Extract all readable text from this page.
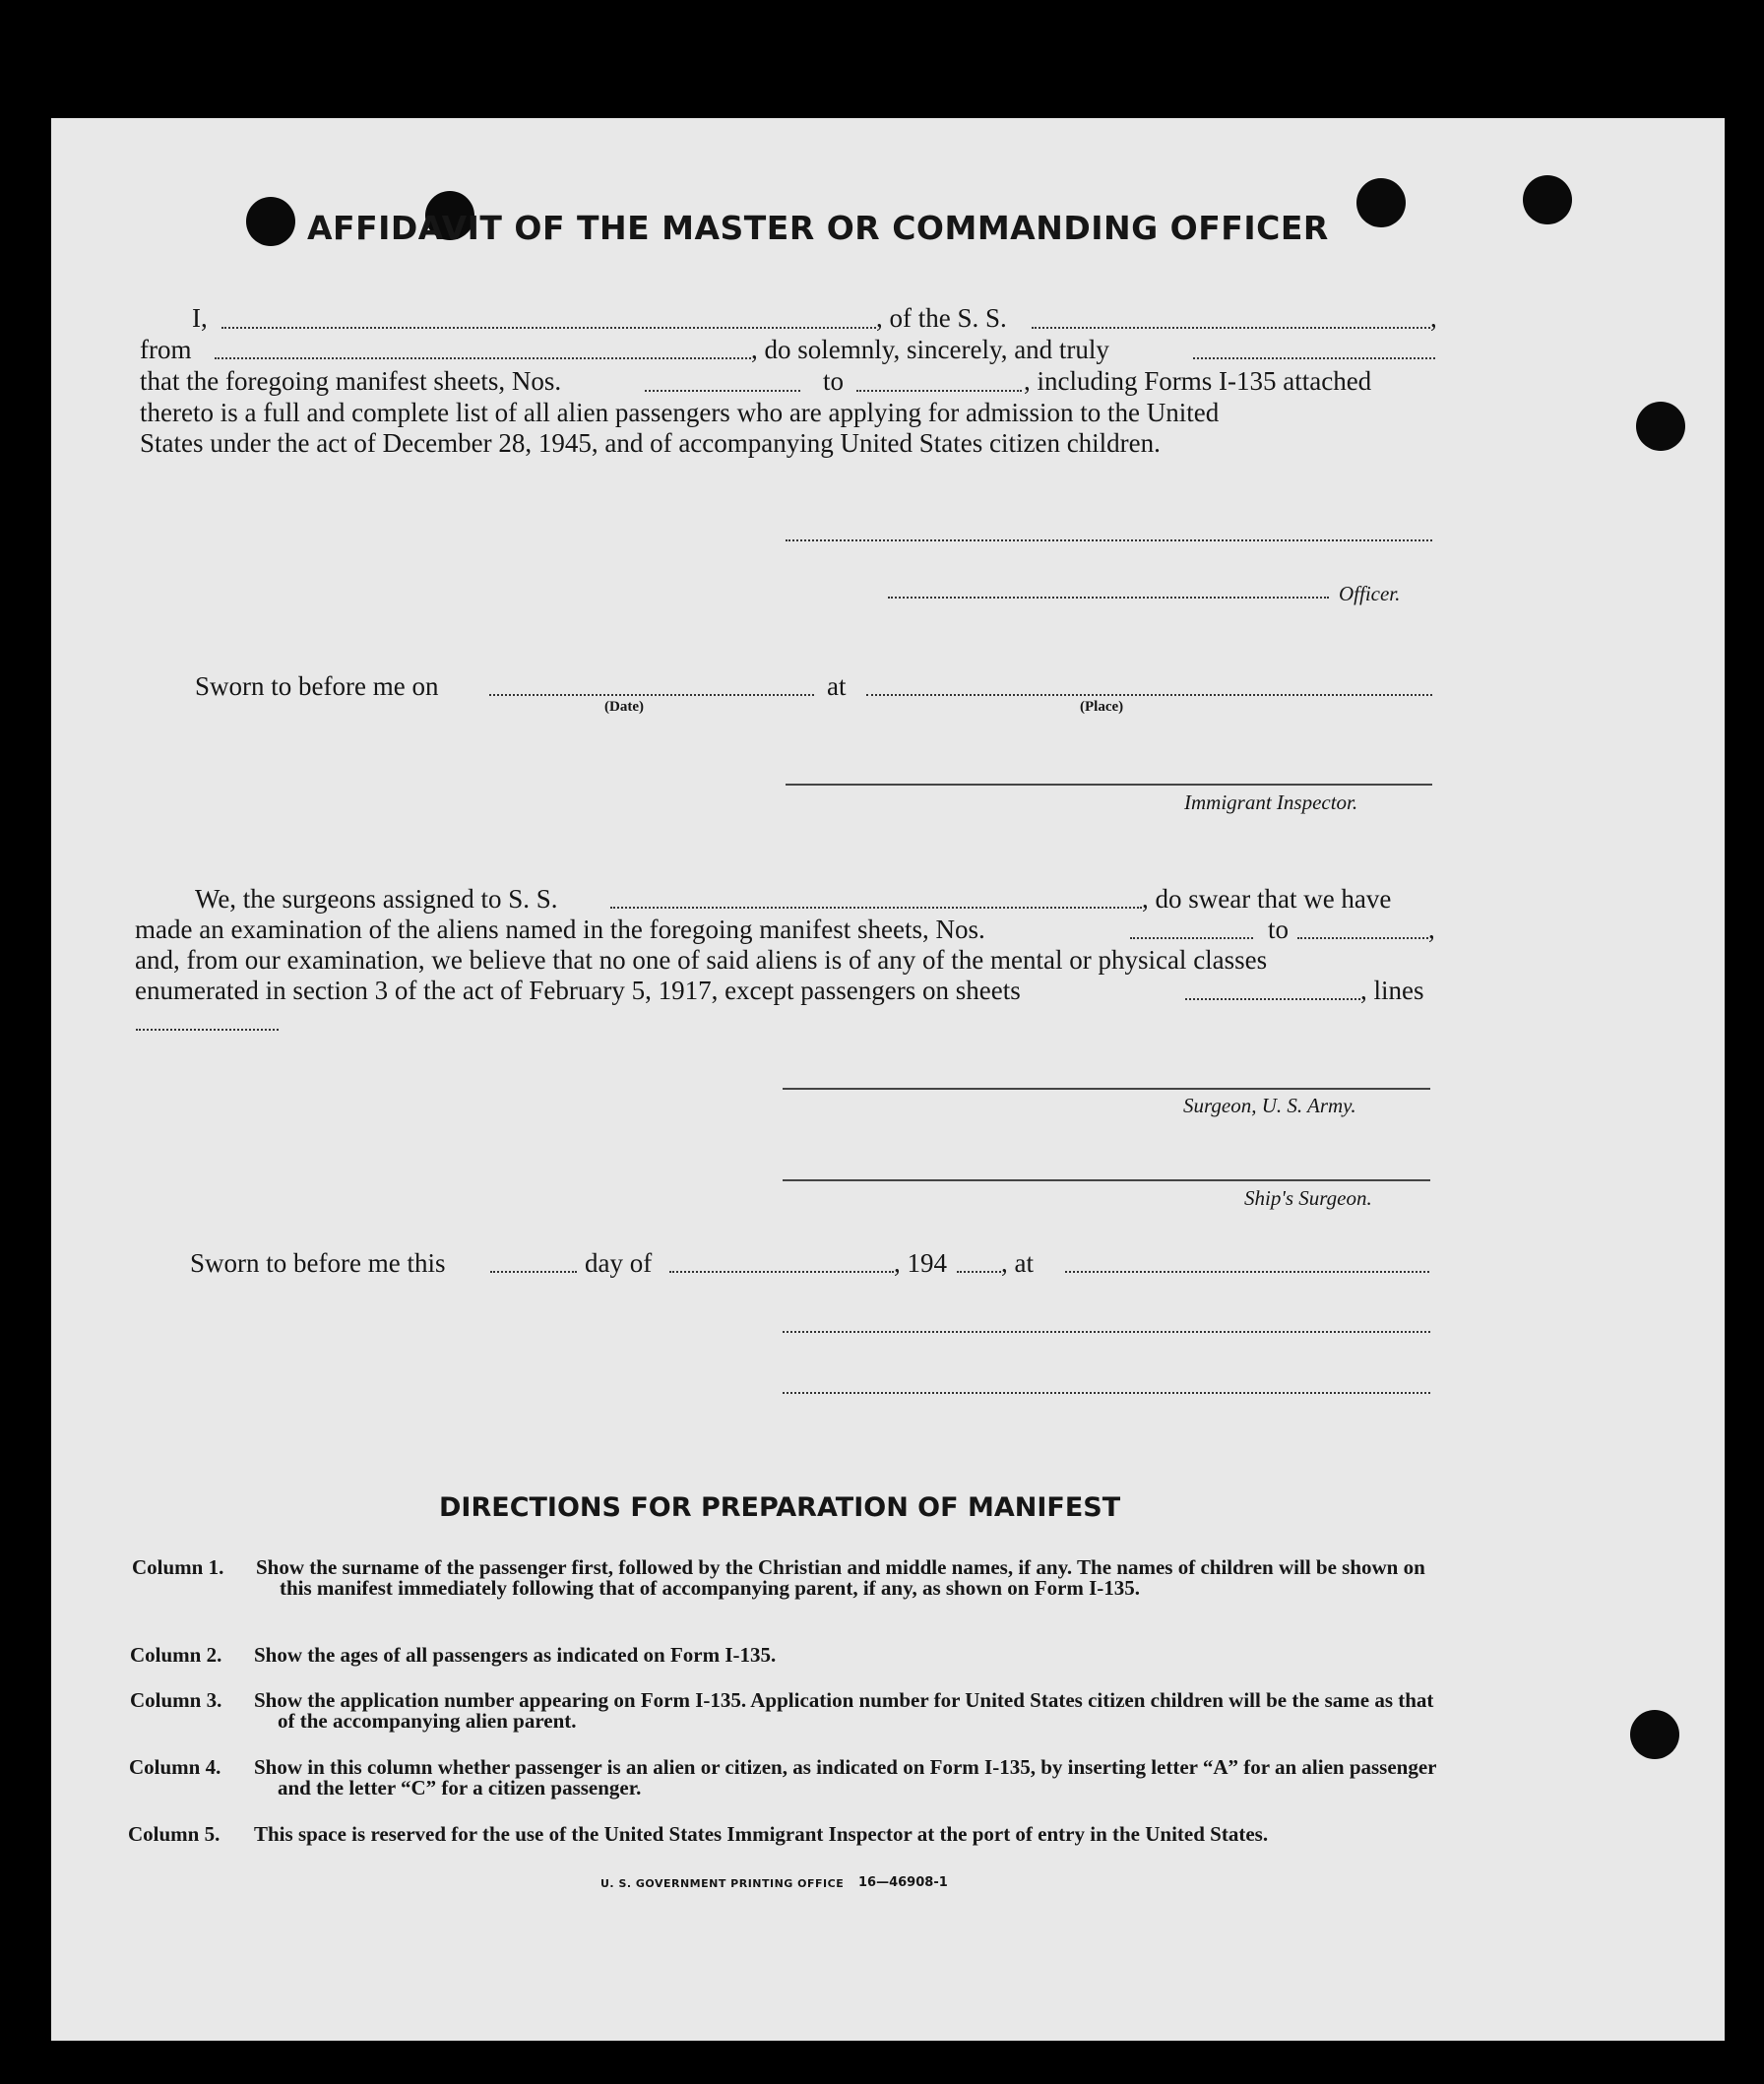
AFFIDAVIT OF THE MASTER OR COMMANDING OFFICER
I,	, of the S. S.	,
from	, do solemnly, sincerely, and truly
that the foregoing manifest sheets, Nos.	to	, including Forms I-135 attached
thereto is a full and complete list of all alien passengers who are applying for admission to the United
States under the act of December 28, 1945, and of accompanying United States citizen children.
Officer.
Sworn to before me on	at
(Date)	(Place)
Immigrant Inspector.
We, the surgeons assigned to S. S.	, do swear that we have
made an examination of the aliens named in the foregoing manifest sheets, Nos.	to	,
and, from our examination, we believe that no one of said aliens is of any of the mental or physical classes
enumerated in section 3 of the act of February 5, 1917, except passengers on sheets	, lines
Surgeon, U. S. Army.
Ship's Surgeon.
Sworn to before me this	day of	, 194 , at
DIRECTIONS FOR PREPARATION OF MANIFEST
Column 1. Show the surname of the passenger first, followed by the Christian and middle names, if any. The names of children will be shown on this manifest immediately following that of accompanying parent, if any, as shown on Form I-135.
Column 2. Show the ages of all passengers as indicated on Form I-135.
Column 3. Show the application number appearing on Form I-135. Application number for United States citizen children will be the same as that of the accompanying alien parent.
Column 4. Show in this column whether passenger is an alien or citizen, as indicated on Form I-135, by inserting letter “A” for an alien passenger and the letter “C” for a citizen passenger.
Column 5. This space is reserved for the use of the United States Immigrant Inspector at the port of entry in the United States.
U. S. GOVERNMENT PRINTING OFFICE 16—46908-1
